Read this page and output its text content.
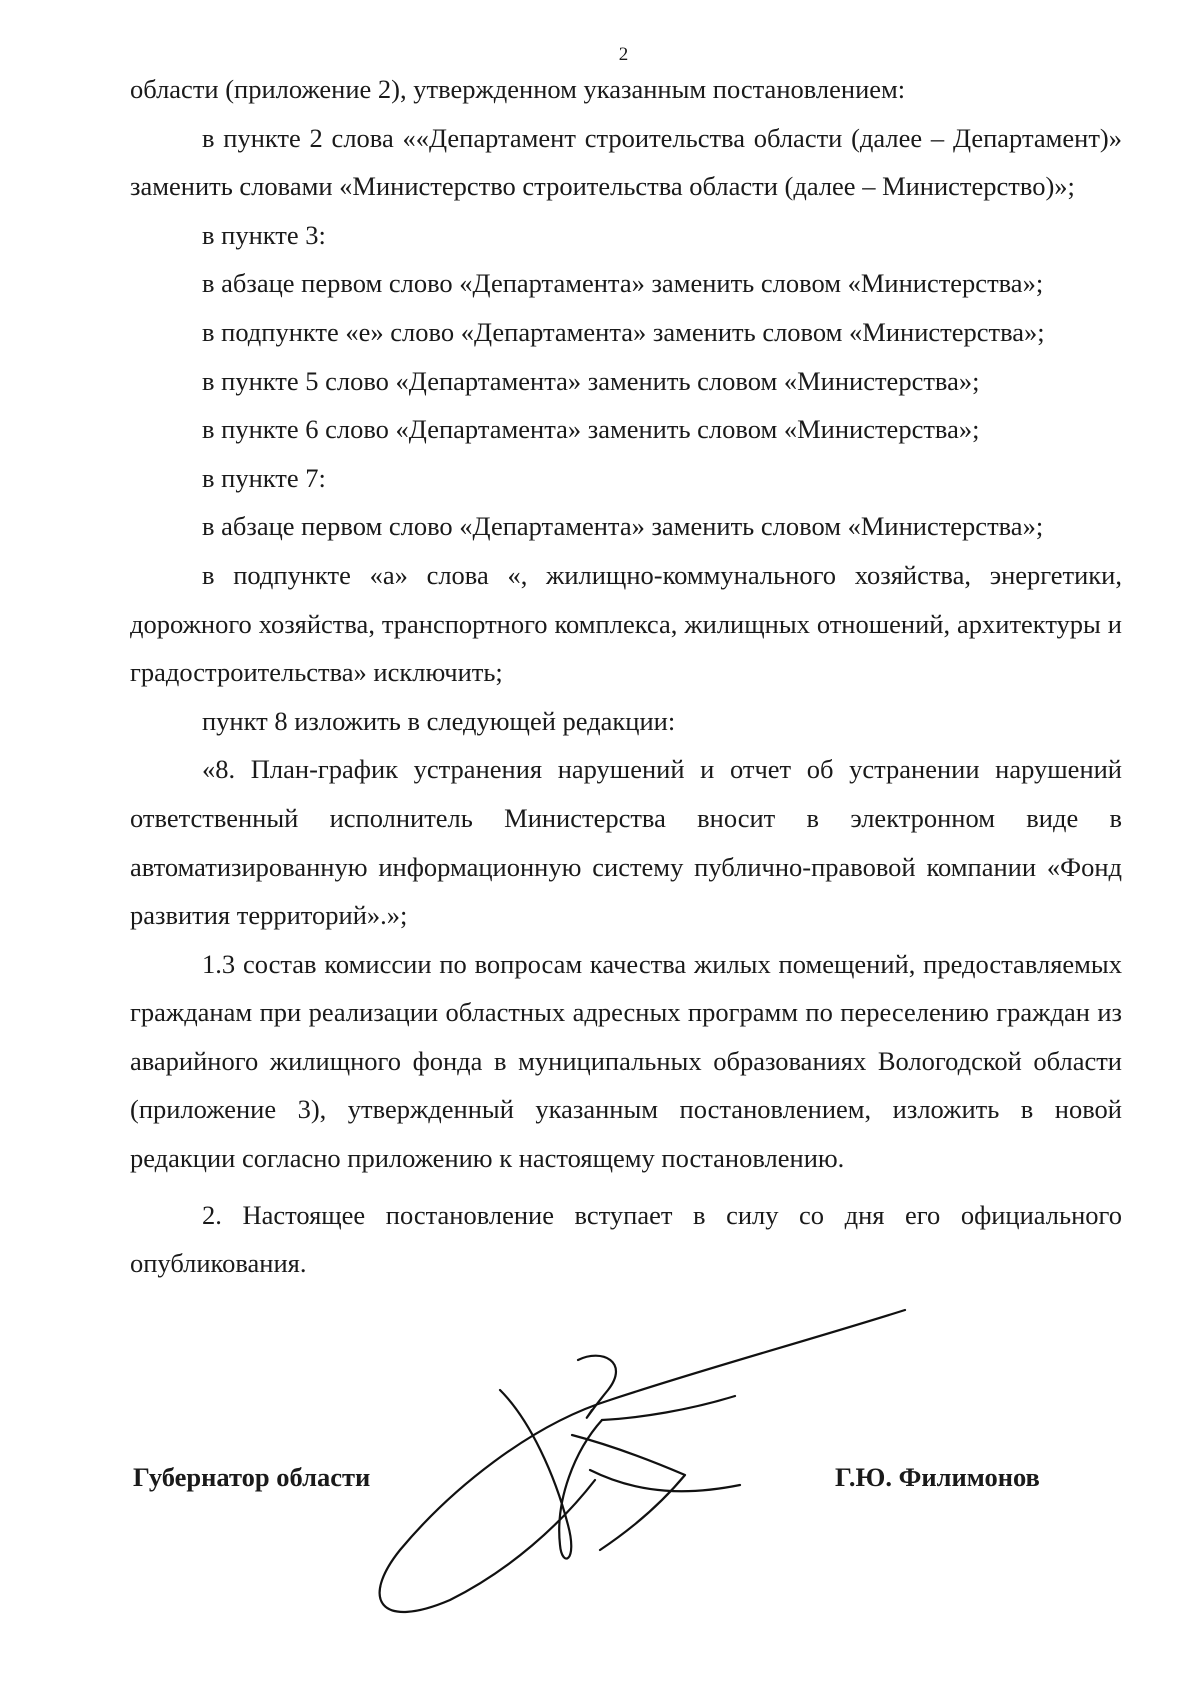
2

области (приложение 2), утвержденном указанным постановлением:

в пункте 2 слова ««Департамент строительства области (далее – Департамент)» заменить словами «Министерство строительства области (далее – Министерство)»;

в пункте 3:

в абзаце первом слово «Департамента» заменить словом «Министерства»;

в подпункте «е» слово «Департамента» заменить словом «Министерства»;

в пункте 5 слово «Департамента» заменить словом «Министерства»;

в пункте 6 слово «Департамента» заменить словом «Министерства»;

в пункте 7:

в абзаце первом слово «Департамента» заменить словом «Министерства»;

в подпункте «а» слова «, жилищно-коммунального хозяйства, энергетики, дорожного хозяйства, транспортного комплекса, жилищных отношений, архитектуры и градостроительства» исключить;

пункт 8 изложить в следующей редакции:

«8. План-график устранения нарушений и отчет об устранении нарушений ответственный исполнитель Министерства вносит в электронном виде в автоматизированную информационную систему публично-правовой компании «Фонд развития территорий».»;

1.3 состав комиссии по вопросам качества жилых помещений, предоставляемых гражданам при реализации областных адресных программ по переселению граждан из аварийного жилищного фонда в муниципальных образованиях Вологодской области (приложение 3), утвержденный указанным постановлением, изложить в новой редакции согласно приложению к настоящему постановлению.

2. Настоящее постановление вступает в силу со дня его официального опубликования.

Губернатор области	Г.Ю. Филимонов
